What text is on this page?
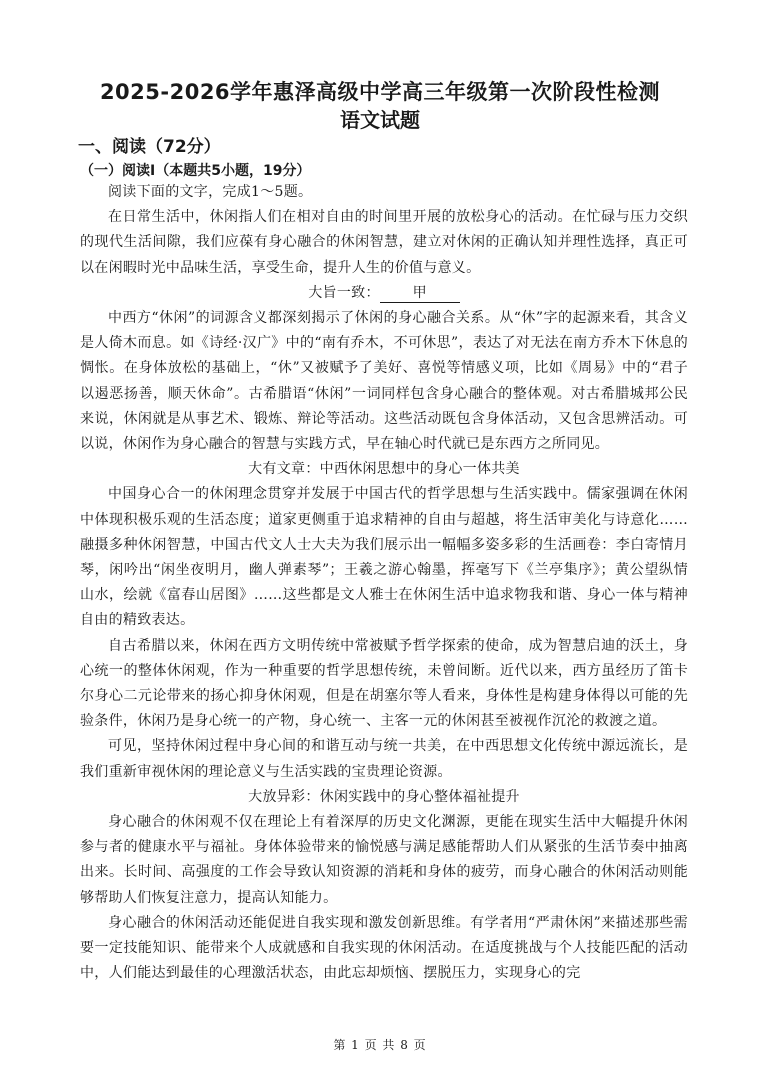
2025-2026学年惠泽高级中学高三年级第一次阶段性检测
语文试题
一、阅读（72分）
（一）阅读Ⅰ（本题共5小题，19分）

阅读下面的文字，完成1～5题。

在日常生活中，休闲指人们在相对自由的时间里开展的放松身心的活动。在忙碌与压力交织的现代生活间隙，我们应葆有身心融合的休闲智慧，建立对休闲的正确认知并理性选择，真正可以在闲暇时光中品味生活，享受生命，提升人生的价值与意义。

大旨一致： 甲

中西方“休闲”的词源含义都深刻揭示了休闲的身心融合关系。从“休”字的起源来看，其含义是人倚木而息。如《诗经·汉广》中的“南有乔木，不可休思”，表达了对无法在南方乔木下休息的惆怅。在身体放松的基础上，“休”又被赋予了美好、喜悦等情感义项，比如《周易》中的“君子以遏恶扬善，顺天休命”。古希腊语“休闲”一词同样包含身心融合的整体观。对古希腊城邦公民来说，休闲就是从事艺术、锻炼、辩论等活动。这些活动既包含身体活动，又包含思辨活动。可以说，休闲作为身心融合的智慧与实践方式，早在轴心时代就已是东西方之所同见。

大有文章：中西休闲思想中的身心一体共美

中国身心合一的休闲理念贯穿并发展于中国古代的哲学思想与生活实践中。儒家强调在休闲中体现积极乐观的生活态度；道家更侧重于追求精神的自由与超越，将生活审美化与诗意化……融摄多种休闲智慧，中国古代文人士大夫为我们展示出一幅幅多姿多彩的生活画卷：李白寄情月琴，闲吟出“闲坐夜明月，幽人弹素琴”；王羲之游心翰墨，挥毫写下《兰亭集序》；黄公望纵情山水，绘就《富春山居图》……这些都是文人雅士在休闲生活中追求物我和谐、身心一体与精神自由的精致表达。

自古希腊以来，休闲在西方文明传统中常被赋予哲学探索的使命，成为智慧启迪的沃土，身心统一的整体休闲观，作为一种重要的哲学思想传统，未曾间断。近代以来，西方虽经历了笛卡尔身心二元论带来的扬心抑身休闲观，但是在胡塞尔等人看来，身体性是构建身体得以可能的先验条件，休闲乃是身心统一的产物，身心统一、主客一元的休闲甚至被视作沉沦的救渡之道。

可见，坚持休闲过程中身心间的和谐互动与统一共美，在中西思想文化传统中源远流长，是我们重新审视休闲的理论意义与生活实践的宝贵理论资源。

大放异彩：休闲实践中的身心整体福祉提升

身心融合的休闲观不仅在理论上有着深厚的历史文化渊源，更能在现实生活中大幅提升休闲参与者的健康水平与福祉。身体体验带来的愉悦感与满足感能帮助人们从紧张的生活节奏中抽离出来。长时间、高强度的工作会导致认知资源的消耗和身体的疲劳，而身心融合的休闲活动则能够帮助人们恢复注意力，提高认知能力。

身心融合的休闲活动还能促进自我实现和激发创新思维。有学者用“严肃休闲”来描述那些需要一定技能知识、能带来个人成就感和自我实现的休闲活动。在适度挑战与个人技能匹配的活动中，人们能达到最佳的心理激活状态，由此忘却烦恼、摆脱压力，实现身心的完

第 1 页 共 8 页
